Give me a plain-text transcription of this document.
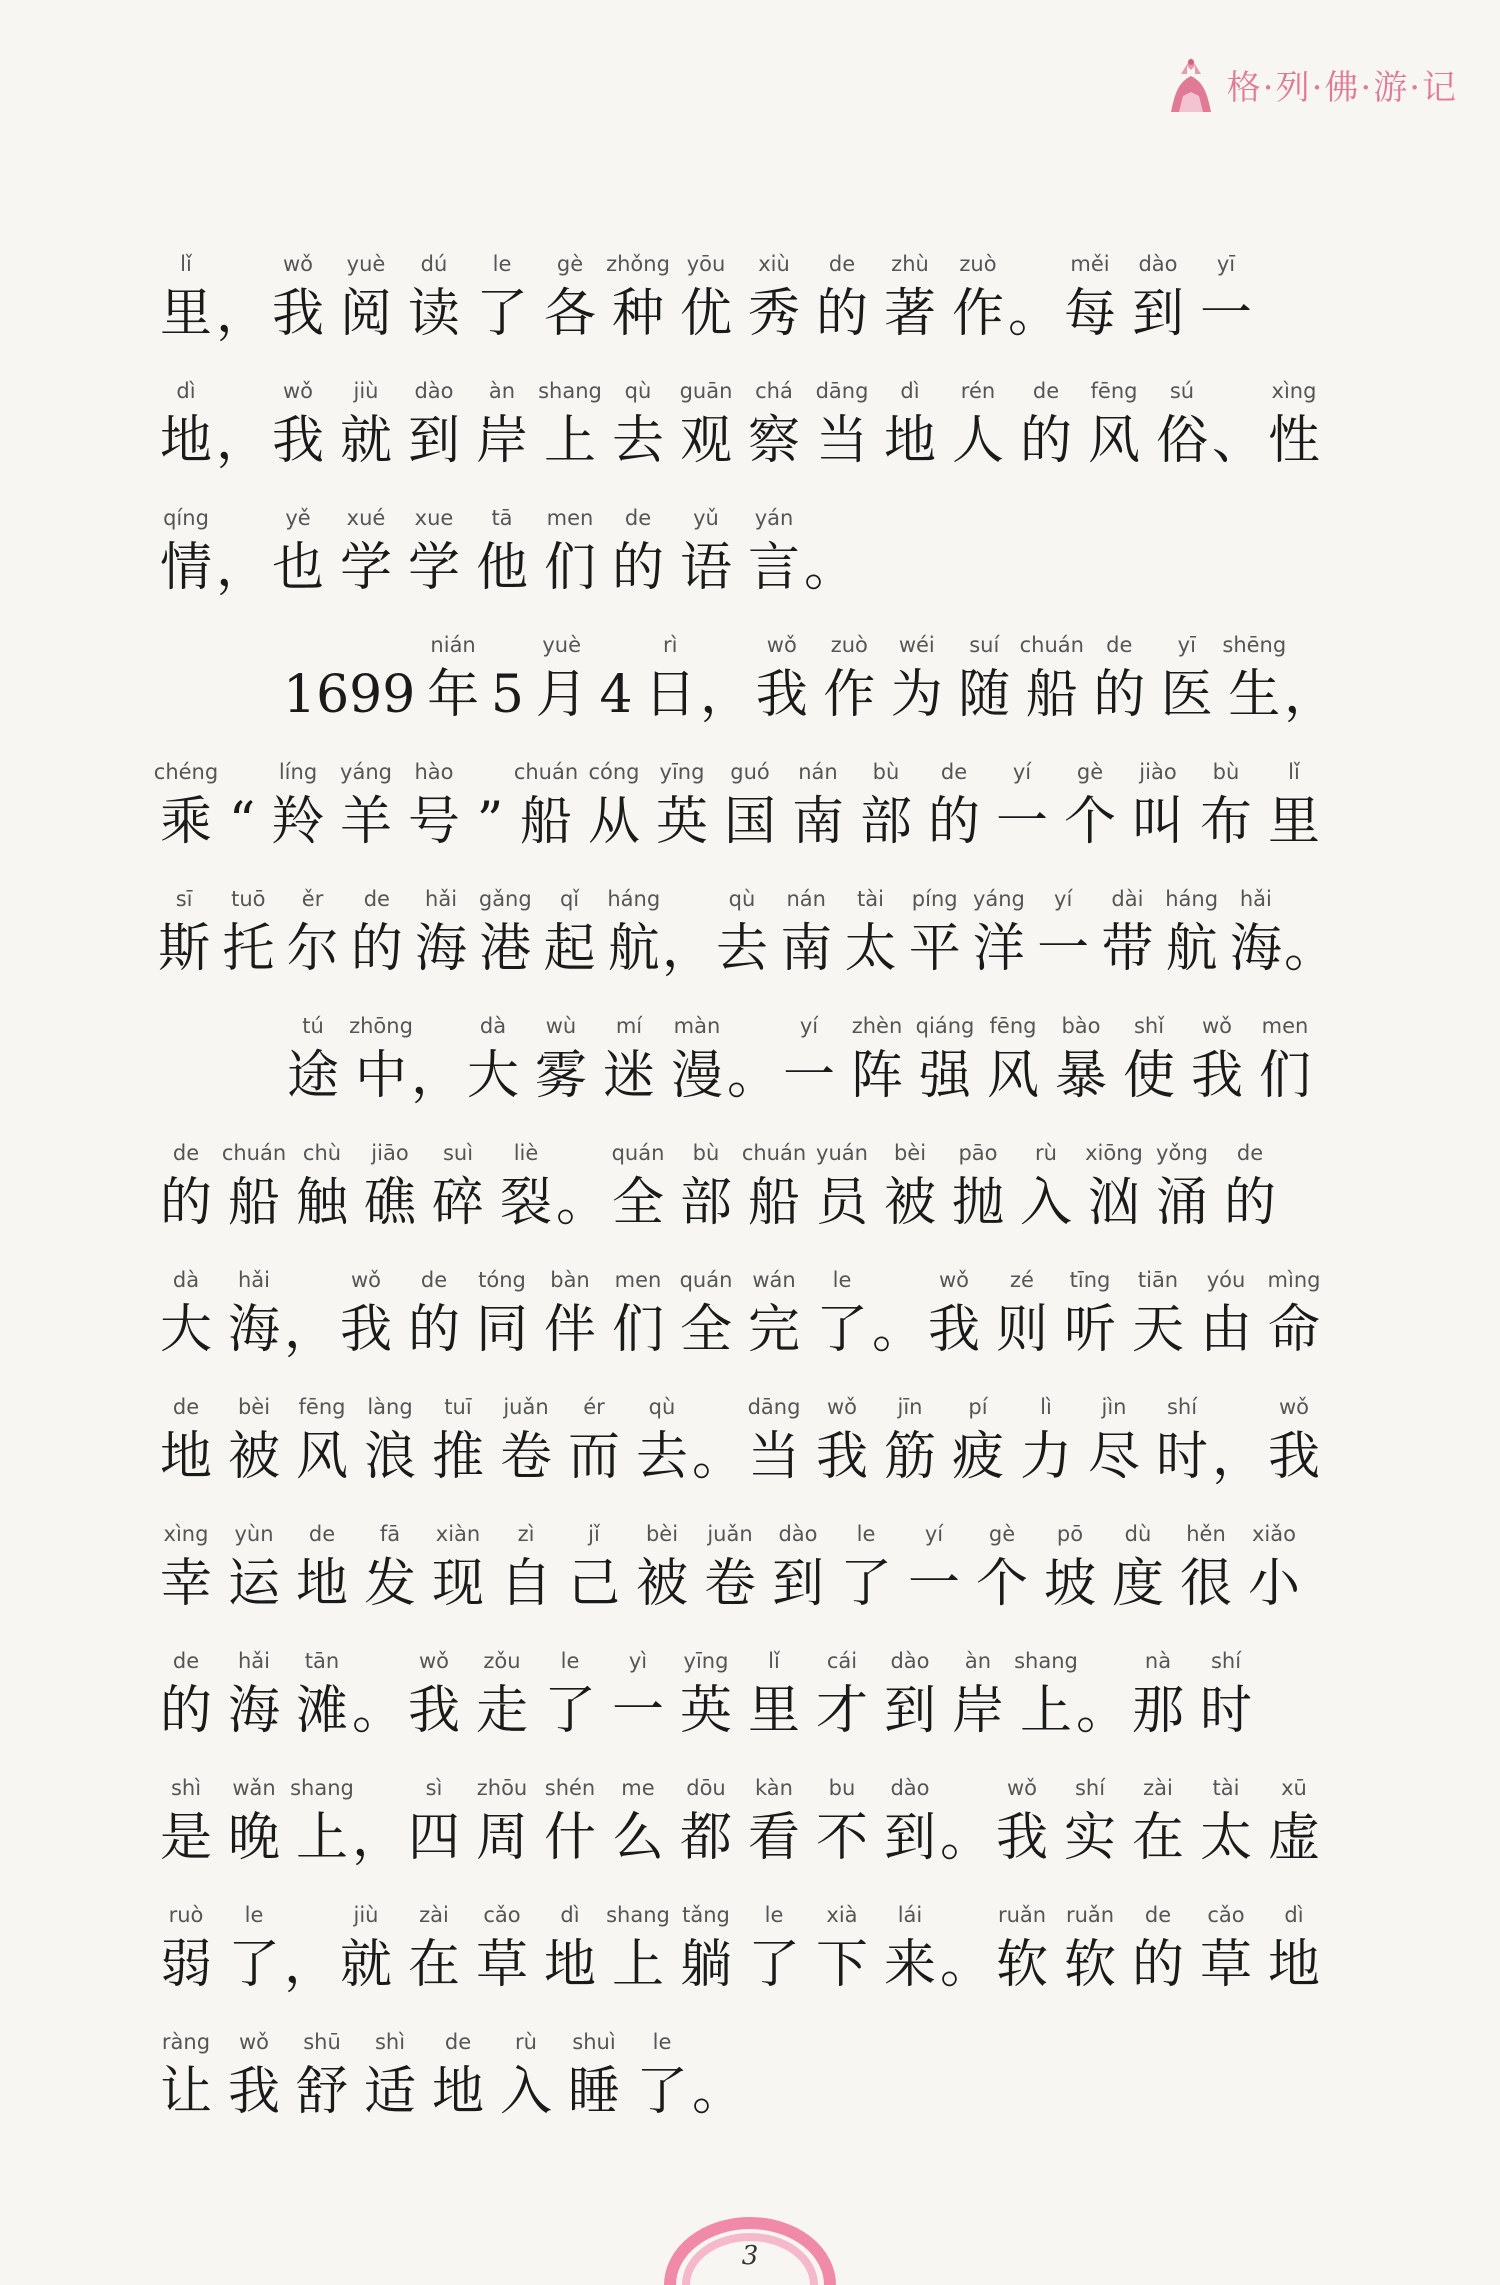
格·列·佛·游·记
lǐ
里 ，
wǒ
我
yuè
阅
dú
读
le
了
gè
各
zhǒng
种
yōu
优
xiù
秀
de
的
zhù
著
zuò
作 。
měi
每
dào
到
yī
一
dì
地 ，
wǒ
我
jiù
就
dào
到
àn
岸
shang
上
qù
去
guān
观
chá
察
dāng
当
dì
地
rén
人
de
的
fēng
风
sú
俗 、
xìng
性
qíng
情 ，
yě
也
xué
学
xue
学
tā
他
men
们
de
的
yǔ
语
yán
言 。
1699
nián
年 5
yuè
月 4
rì
日 ，
wǒ
我
zuò
作
wéi
为
suí
随
chuán
船
de
的
yī
医
shēng
生 ，
chéng
乘 “
líng
羚
yáng
羊
hào
号 ”
chuán
船
cóng
从
yīng
英
guó
国
nán
南
bù
部
de
的
yí
一
gè
个
jiào
叫
bù
布
lǐ
里
sī
斯
tuō
托
ěr
尔
de
的
hǎi
海
gǎng
港
qǐ
起
háng
航 ，
qù
去
nán
南
tài
太
píng
平
yáng
洋
yí
一
dài
带
háng
航
hǎi
海 。
tú
途
zhōng
中 ，
dà
大
wù
雾
mí
迷
màn
漫 。
yí
一
zhèn
阵
qiáng
强
fēng
风
bào
暴
shǐ
使
wǒ
我
men
们
de
的
chuán
船
chù
触
jiāo
礁
suì
碎
liè
裂 。
quán
全
bù
部
chuán
船
yuán
员
bèi
被
pāo
抛
rù
入
xiōng
汹
yǒng
涌
de
的
dà
大
hǎi
海 ，
wǒ
我
de
的
tóng
同
bàn
伴
men
们
quán
全
wán
完
le
了 。
wǒ
我
zé
则
tīng
听
tiān
天
yóu
由
mìng
命
de
地
bèi
被
fēng
风
làng
浪
tuī
推
juǎn
卷
ér
而
qù
去 。
dāng
当
wǒ
我
jīn
筋
pí
疲
lì
力
jìn
尽
shí
时 ，
wǒ
我
xìng
幸
yùn
运
de
地
fā
发
xiàn
现
zì
自
jǐ
己
bèi
被
juǎn
卷
dào
到
le
了
yí
一
gè
个
pō
坡
dù
度
hěn
很
xiǎo
小
de
的
hǎi
海
tān
滩 。
wǒ
我
zǒu
走
le
了
yì
一
yīng
英
lǐ
里
cái
才
dào
到
àn
岸
shang
上 。
nà
那
shí
时
shì
是
wǎn
晚
shang
上 ，
sì
四
zhōu
周
shén
什
me
么
dōu
都
kàn
看
bu
不
dào
到 。
wǒ
我
shí
实
zài
在
tài
太
xū
虚
ruò
弱
le
了 ，
jiù
就
zài
在
cǎo
草
dì
地
shang
上
tǎng
躺
le
了
xià
下
lái
来 。
ruǎn
软
ruǎn
软
de
的
cǎo
草
dì
地
ràng
让
wǒ
我
shū
舒
shì
适
de
地
rù
入
shuì
睡
le
了 。
3
